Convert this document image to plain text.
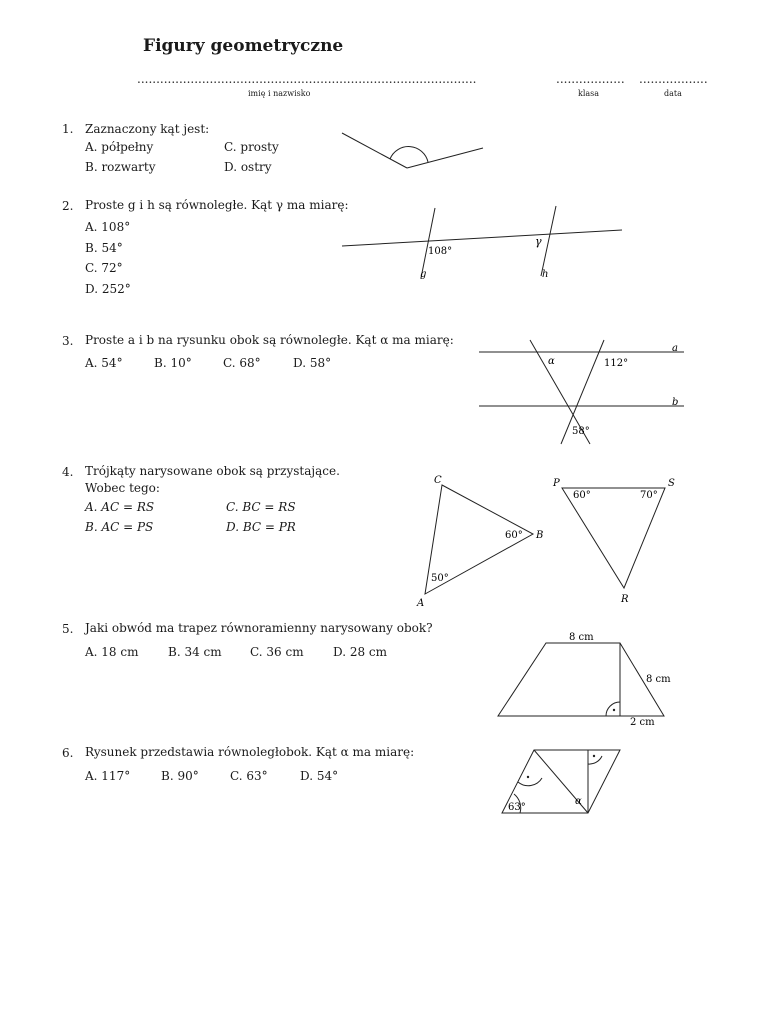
Figury geometryczne
.........................................................................................	.................. ..................
imię i nazwisko	klasa	data
1. Zaznaczony kąt jest:
A. półpełny	C. prosty
B. rozwarty	D. ostry
2. Proste g i h są równoległe. Kąt γ ma miarę:
A. 108°
B. 54°
C. 72°
D. 252°
108°
γ
g	h
3. Proste a i b na rysunku obok są równoległe. Kąt α ma miarę:
A. 54°	B. 10°	C. 68°	D. 58°	α	112°
58°
a
b
4. Trójkąty narysowane obok są przystające.
Wobec tego:
A. AC = RS	C. BC = RS
B. AC = PS	D. BC = PR
C
B
A
60°
50°
P	S
R
60°	70°
5. Jaki obwód ma trapez równoramienny narysowany obok?
A. 18 cm B. 34 cm C. 36 cm D. 28 cm
8 cm
8 cm
2 cm
6. Rysunek przedstawia równoległobok. Kąt α ma miarę:
A. 117°	B. 90°	C. 63°	D. 54°
63°
α
